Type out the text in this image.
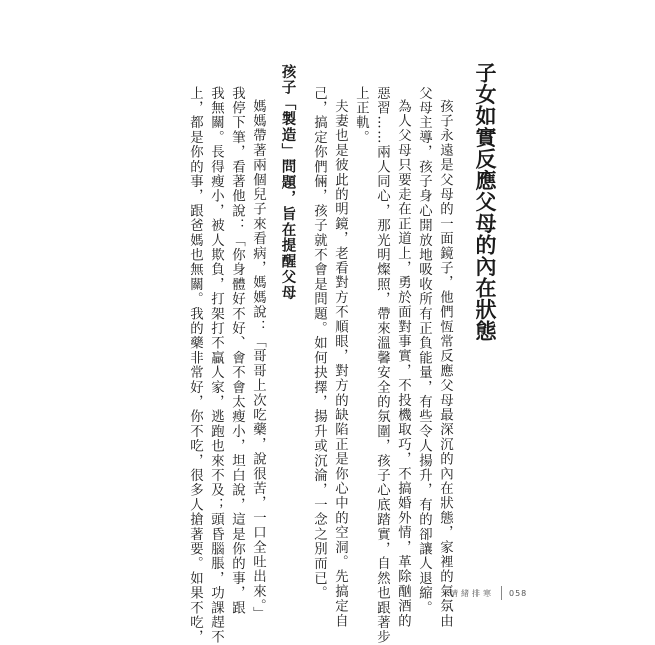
子女如實反應父母的內在狀態
孩子永遠是父母的一面鏡子，他們恆常反應父母最深沉的內在狀態，家裡的氣氛由
父母主導，孩子身心開放地吸收所有正負能量，有些令人揚升，有的卻讓人退縮。
為人父母只要走在正道上，勇於面對事實，不投機取巧，不搞婚外情，革除酗酒的
惡習……兩人同心，那光明燦照，帶來溫馨安全的氛圍，孩子心底踏實，自然也跟著步
上正軌。
夫妻也是彼此的明鏡，老看對方不順眼，對方的缺陷正是你心中的空洞。先搞定自
己，搞定你們倆，孩子就不會是問題。如何抉擇，揚升或沉淪，一念之別而已。
孩子「製造」問題，旨在提醒父母
媽媽帶著兩個兒子來看病，媽媽說：「哥哥上次吃藥，說很苦，一口全吐出來。」
我停下筆，看著他說：「你身體好不好、會不會太瘦小，坦白說，這是你的事，跟
我無關。長得瘦小，被人欺負，打架打不贏人家，逃跑也來不及；頭昏腦脹，功課趕不
上，都是你的事，跟爸媽也無關。我的藥非常好，你不吃，很多人搶著要。如果不吃，	情緒排寒 058
